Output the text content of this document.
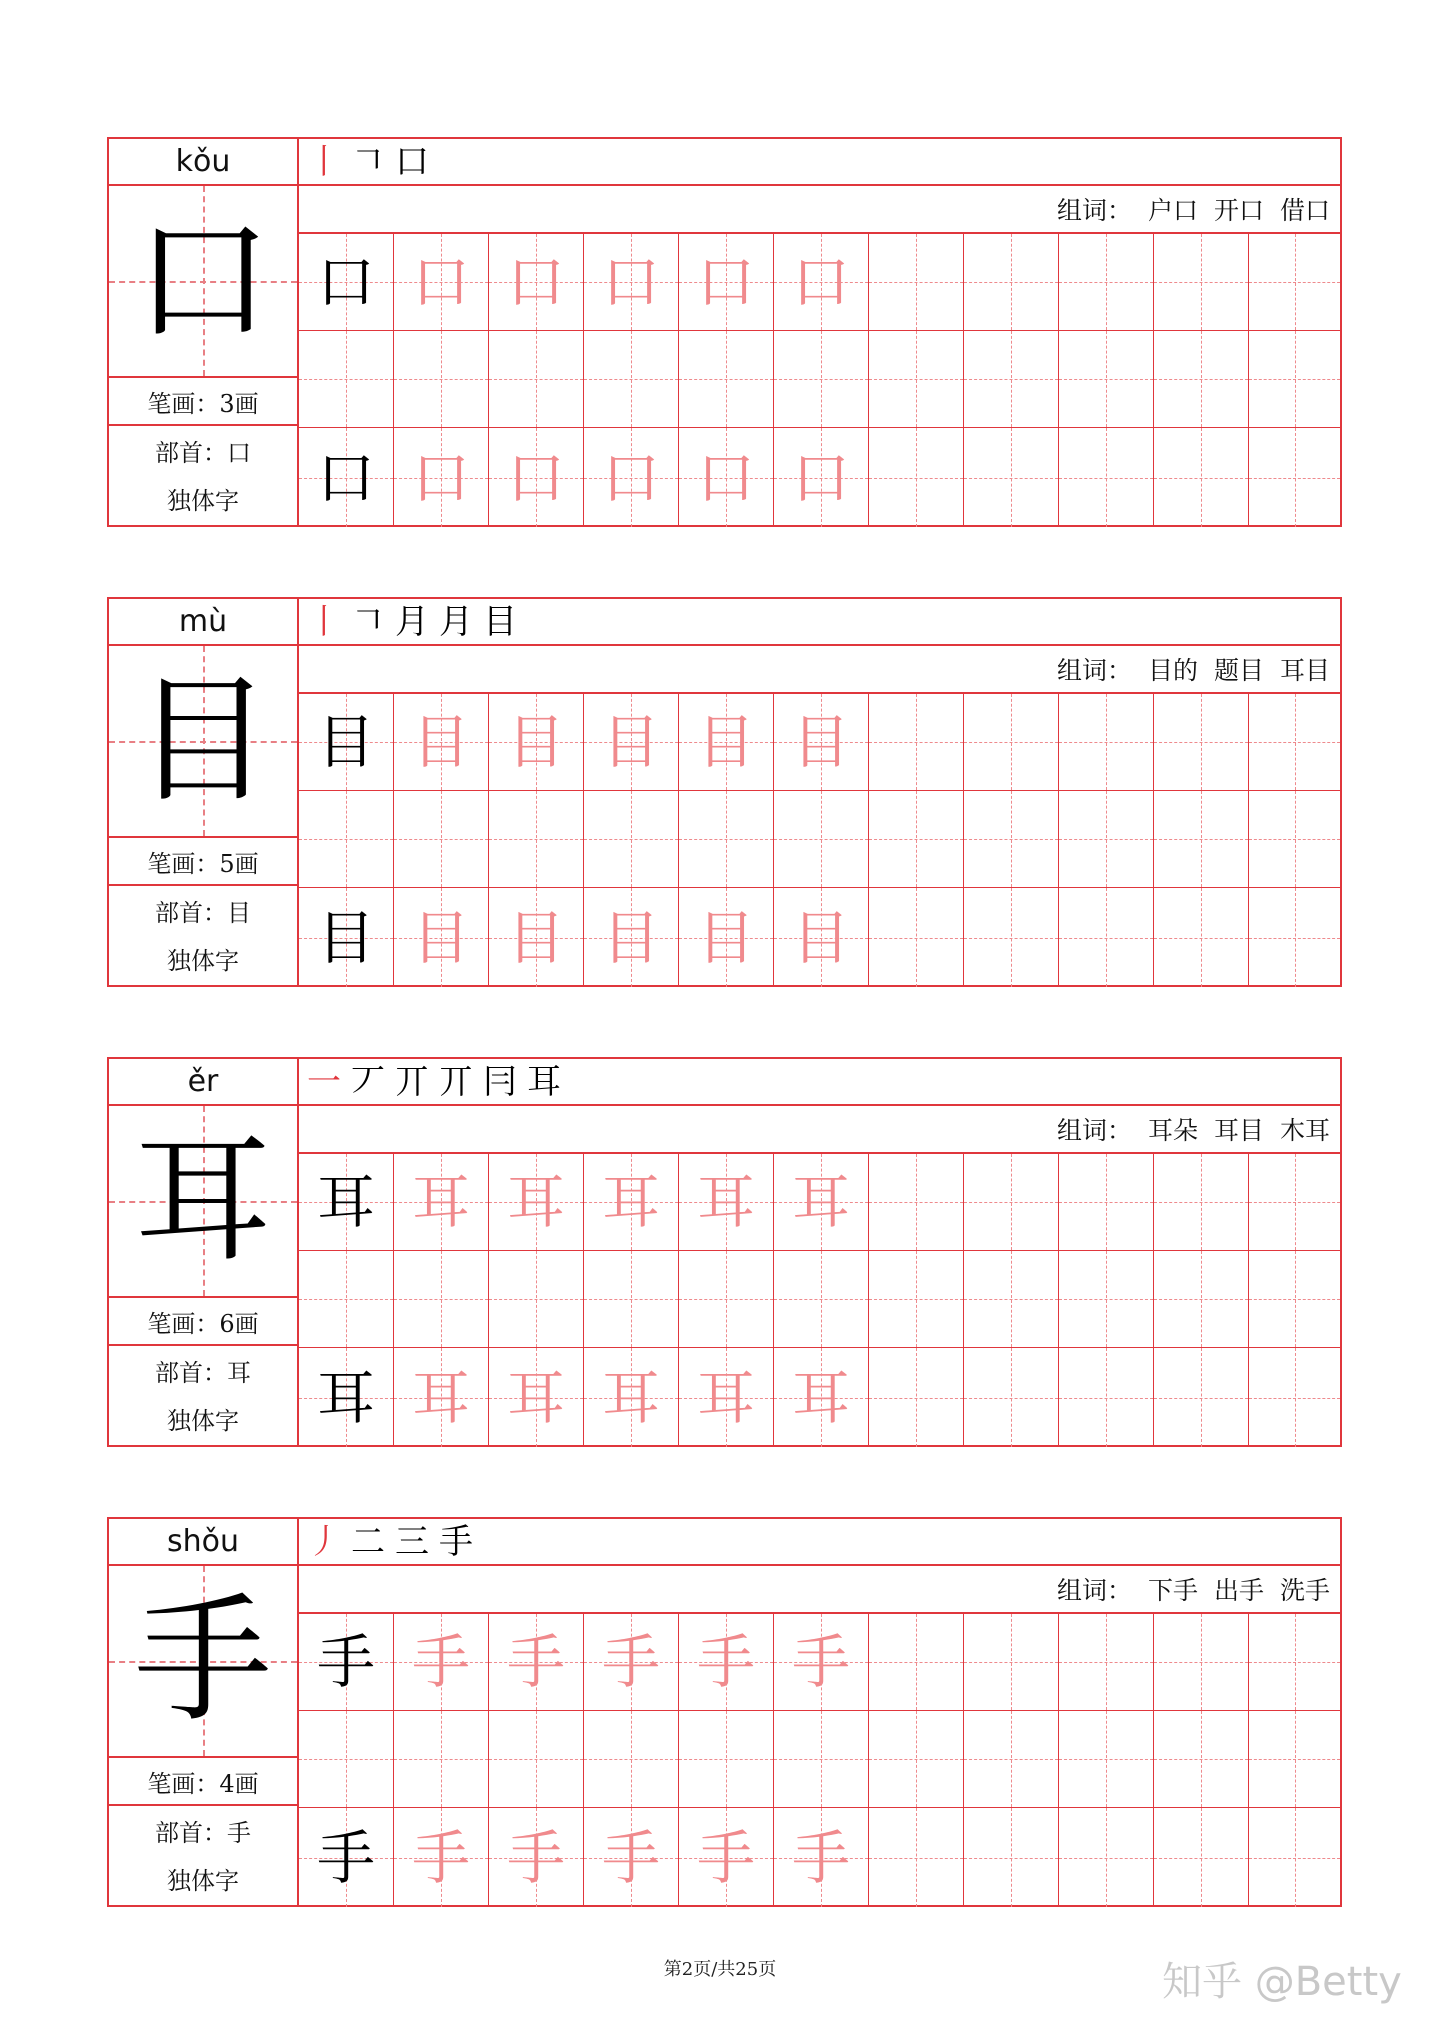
kǒu
口
笔画： 3画
部首： 口
独体字
丨 𠃍 口
组词： 户口 开口 借口
口 口 口 口 口 口
口 口 口 口 口 口
mù
目
笔画： 5画
部首： 目
独体字
丨 𠃍 月 月 目
组词： 目的 题目 耳目
目 目 目 目 目 目
目 目 目 目 目 目
ěr
耳
笔画： 6画
部首： 耳
独体字
一 丆 丌 丌 冃 耳
组词： 耳朵 耳目 木耳
耳 耳 耳 耳 耳 耳
耳 耳 耳 耳 耳 耳
shǒu
手
笔画： 4画
部首： 手
独体字
丿 二 三 手
组词： 下手 出手 洗手
手 手 手 手 手 手
手 手 手 手 手 手
第2页/共25页	知乎 @Betty
